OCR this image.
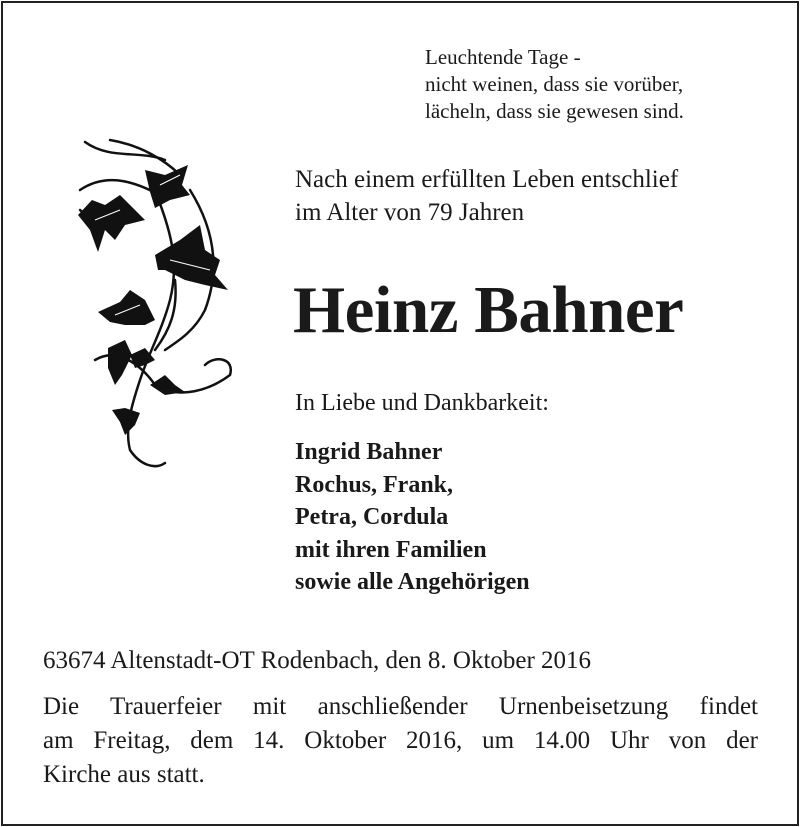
Leuchtende Tage -
nicht weinen, dass sie vorüber,
lächeln, dass sie gewesen sind.
Nach einem erfüllten Leben entschlief
im Alter von 79 Jahren
Heinz Bahner
In Liebe und Dankbarkeit:
Ingrid Bahner
Rochus, Frank,
Petra, Cordula
mit ihren Familien
sowie alle Angehörigen
63674 Altenstadt-OT Rodenbach, den 8. Oktober 2016
Die Trauerfeier mit anschließender Urnenbeisetzung findet
am Freitag, dem 14. Oktober 2016, um 14.00 Uhr von der
Kirche aus statt.
